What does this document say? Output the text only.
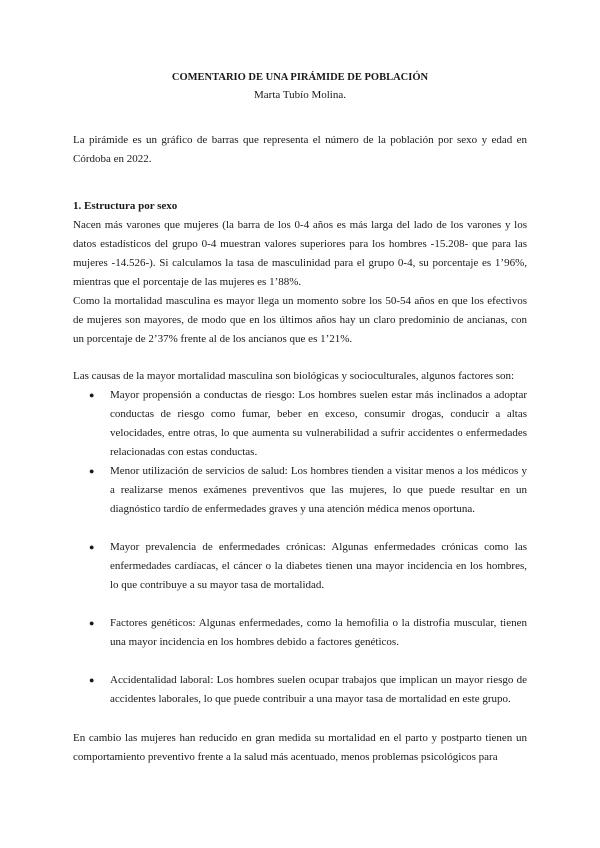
COMENTARIO DE UNA PIRÁMIDE DE POBLACIÓN

Marta Tubío Molina.

La pirámide es un gráfico de barras que representa el número de la población por sexo y edad en Córdoba en 2022.

1. Estructura por sexo

Nacen más varones que mujeres (la barra de los 0-4 años es más larga del lado de los varones y los datos estadísticos del grupo 0-4 muestran valores superiores para los hombres -15.208- que para las mujeres -14.526-). Si calculamos la tasa de masculinidad para el grupo 0-4, su porcentaje es 1’96%, mientras que el porcentaje de las mujeres es 1’88%.

Como la mortalidad masculina es mayor llega un momento sobre los 50-54 años en que los efectivos de mujeres son mayores, de modo que en los últimos años hay un claro predominio de ancianas, con un porcentaje de 2’37% frente al de los ancianos que es 1’21%.

Las causas de la mayor mortalidad masculina son biológicas y socioculturales, algunos factores son:

● Mayor propensión a conductas de riesgo: Los hombres suelen estar más inclinados a adoptar conductas de riesgo como fumar, beber en exceso, consumir drogas, conducir a altas velocidades, entre otras, lo que aumenta su vulnerabilidad a sufrir accidentes o enfermedades relacionadas con estas conductas.
● Menor utilización de servicios de salud: Los hombres tienden a visitar menos a los médicos y a realizarse menos exámenes preventivos que las mujeres, lo que puede resultar en un diagnóstico tardío de enfermedades graves y una atención médica menos oportuna.
● Mayor prevalencia de enfermedades crónicas: Algunas enfermedades crónicas como las enfermedades cardíacas, el cáncer o la diabetes tienen una mayor incidencia en los hombres, lo que contribuye a su mayor tasa de mortalidad.
● Factores genéticos: Algunas enfermedades, como la hemofilia o la distrofia muscular, tienen una mayor incidencia en los hombres debido a factores genéticos.
● Accidentalidad laboral: Los hombres suelen ocupar trabajos que implican un mayor riesgo de accidentes laborales, lo que puede contribuir a una mayor tasa de mortalidad en este grupo.

En cambio las mujeres han reducido en gran medida su mortalidad en el parto y postparto tienen un comportamiento preventivo frente a la salud más acentuado, menos problemas psicológicos para
